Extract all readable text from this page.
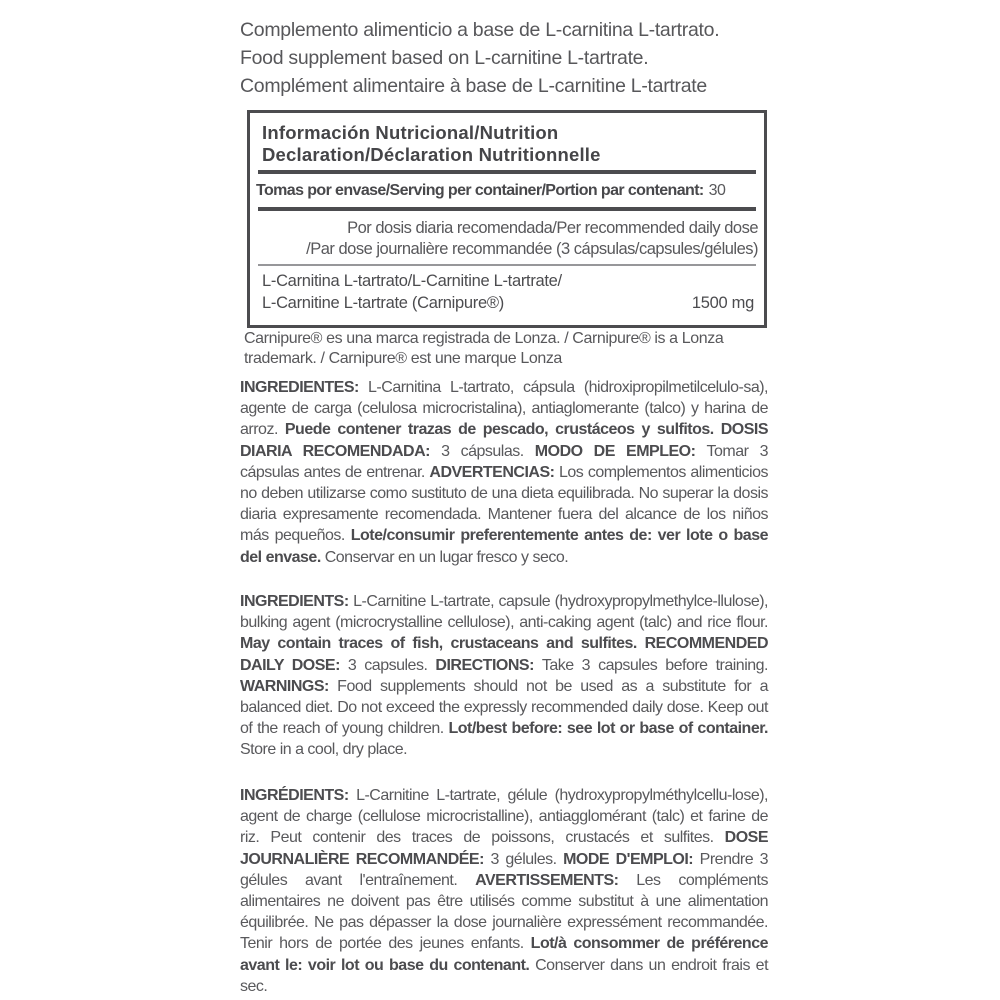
Complemento alimenticio a base de L-carnitina L-tartrato.
Food supplement based on L-carnitine L-tartrate.
Complément alimentaire à base de L-carnitine L-tartrate
Información Nutricional/Nutrition Declaration/Déclaration Nutritionnelle
Tomas por envase/Serving per container/Portion par contenant: 30
Por dosis diaria recomendada/Per recommended daily dose
/Par dose journalière recommandée (3 cápsulas/capsules/gélules)
L-Carnitina L-tartrato/L-Carnitine L-tartrate/
L-Carnitine L-tartrate (Carnipure®)	1500 mg
Carnipure® es una marca registrada de Lonza. / Carnipure® is a Lonza trademark. / Carnipure® est une marque Lonza

INGREDIENTES: L-Carnitina L-tartrato, cápsula (hidroxipropilmetilcelulo-sa), agente de carga (celulosa microcristalina), antiaglomerante (talco) y harina de arroz. Puede contener trazas de pescado, crustáceos y sulfitos. DOSIS DIARIA RECOMENDADA: 3 cápsulas. MODO DE EMPLEO: Tomar 3 cápsulas antes de entrenar. ADVERTENCIAS: Los complementos alimenticios no deben utilizarse como sustituto de una dieta equilibrada. No superar la dosis diaria expresamente recomendada. Mantener fuera del alcance de los niños más pequeños. Lote/consumir preferentemente antes de: ver lote o base del envase. Conservar en un lugar fresco y seco.

INGREDIENTS: L-Carnitine L-tartrate, capsule (hydroxypropylmethylce-llulose), bulking agent (microcrystalline cellulose), anti-caking agent (talc) and rice flour. May contain traces of fish, crustaceans and sulfites. RECOMMENDED DAILY DOSE: 3 capsules. DIRECTIONS: Take 3 capsules before training. WARNINGS: Food supplements should not be used as a substitute for a balanced diet. Do not exceed the expressly recommended daily dose. Keep out of the reach of young children. Lot/best before: see lot or base of container. Store in a cool, dry place.

INGRÉDIENTS: L-Carnitine L-tartrate, gélule (hydroxypropylméthylcellu-lose), agent de charge (cellulose microcristalline), antiagglomérant (talc) et farine de riz. Peut contenir des traces de poissons, crustacés et sulfites. DOSE JOURNALIÈRE RECOMMANDÉE: 3 gélules. MODE D'EMPLOI: Prendre 3 gélules avant l'entraînement. AVERTISSEMENTS: Les compléments alimentaires ne doivent pas être utilisés comme substitut à une alimentation équilibrée. Ne pas dépasser la dose journalière expressément recommandée. Tenir hors de portée des jeunes enfants. Lot/à consommer de préférence avant le: voir lot ou base du contenant. Conserver dans un endroit frais et sec.
